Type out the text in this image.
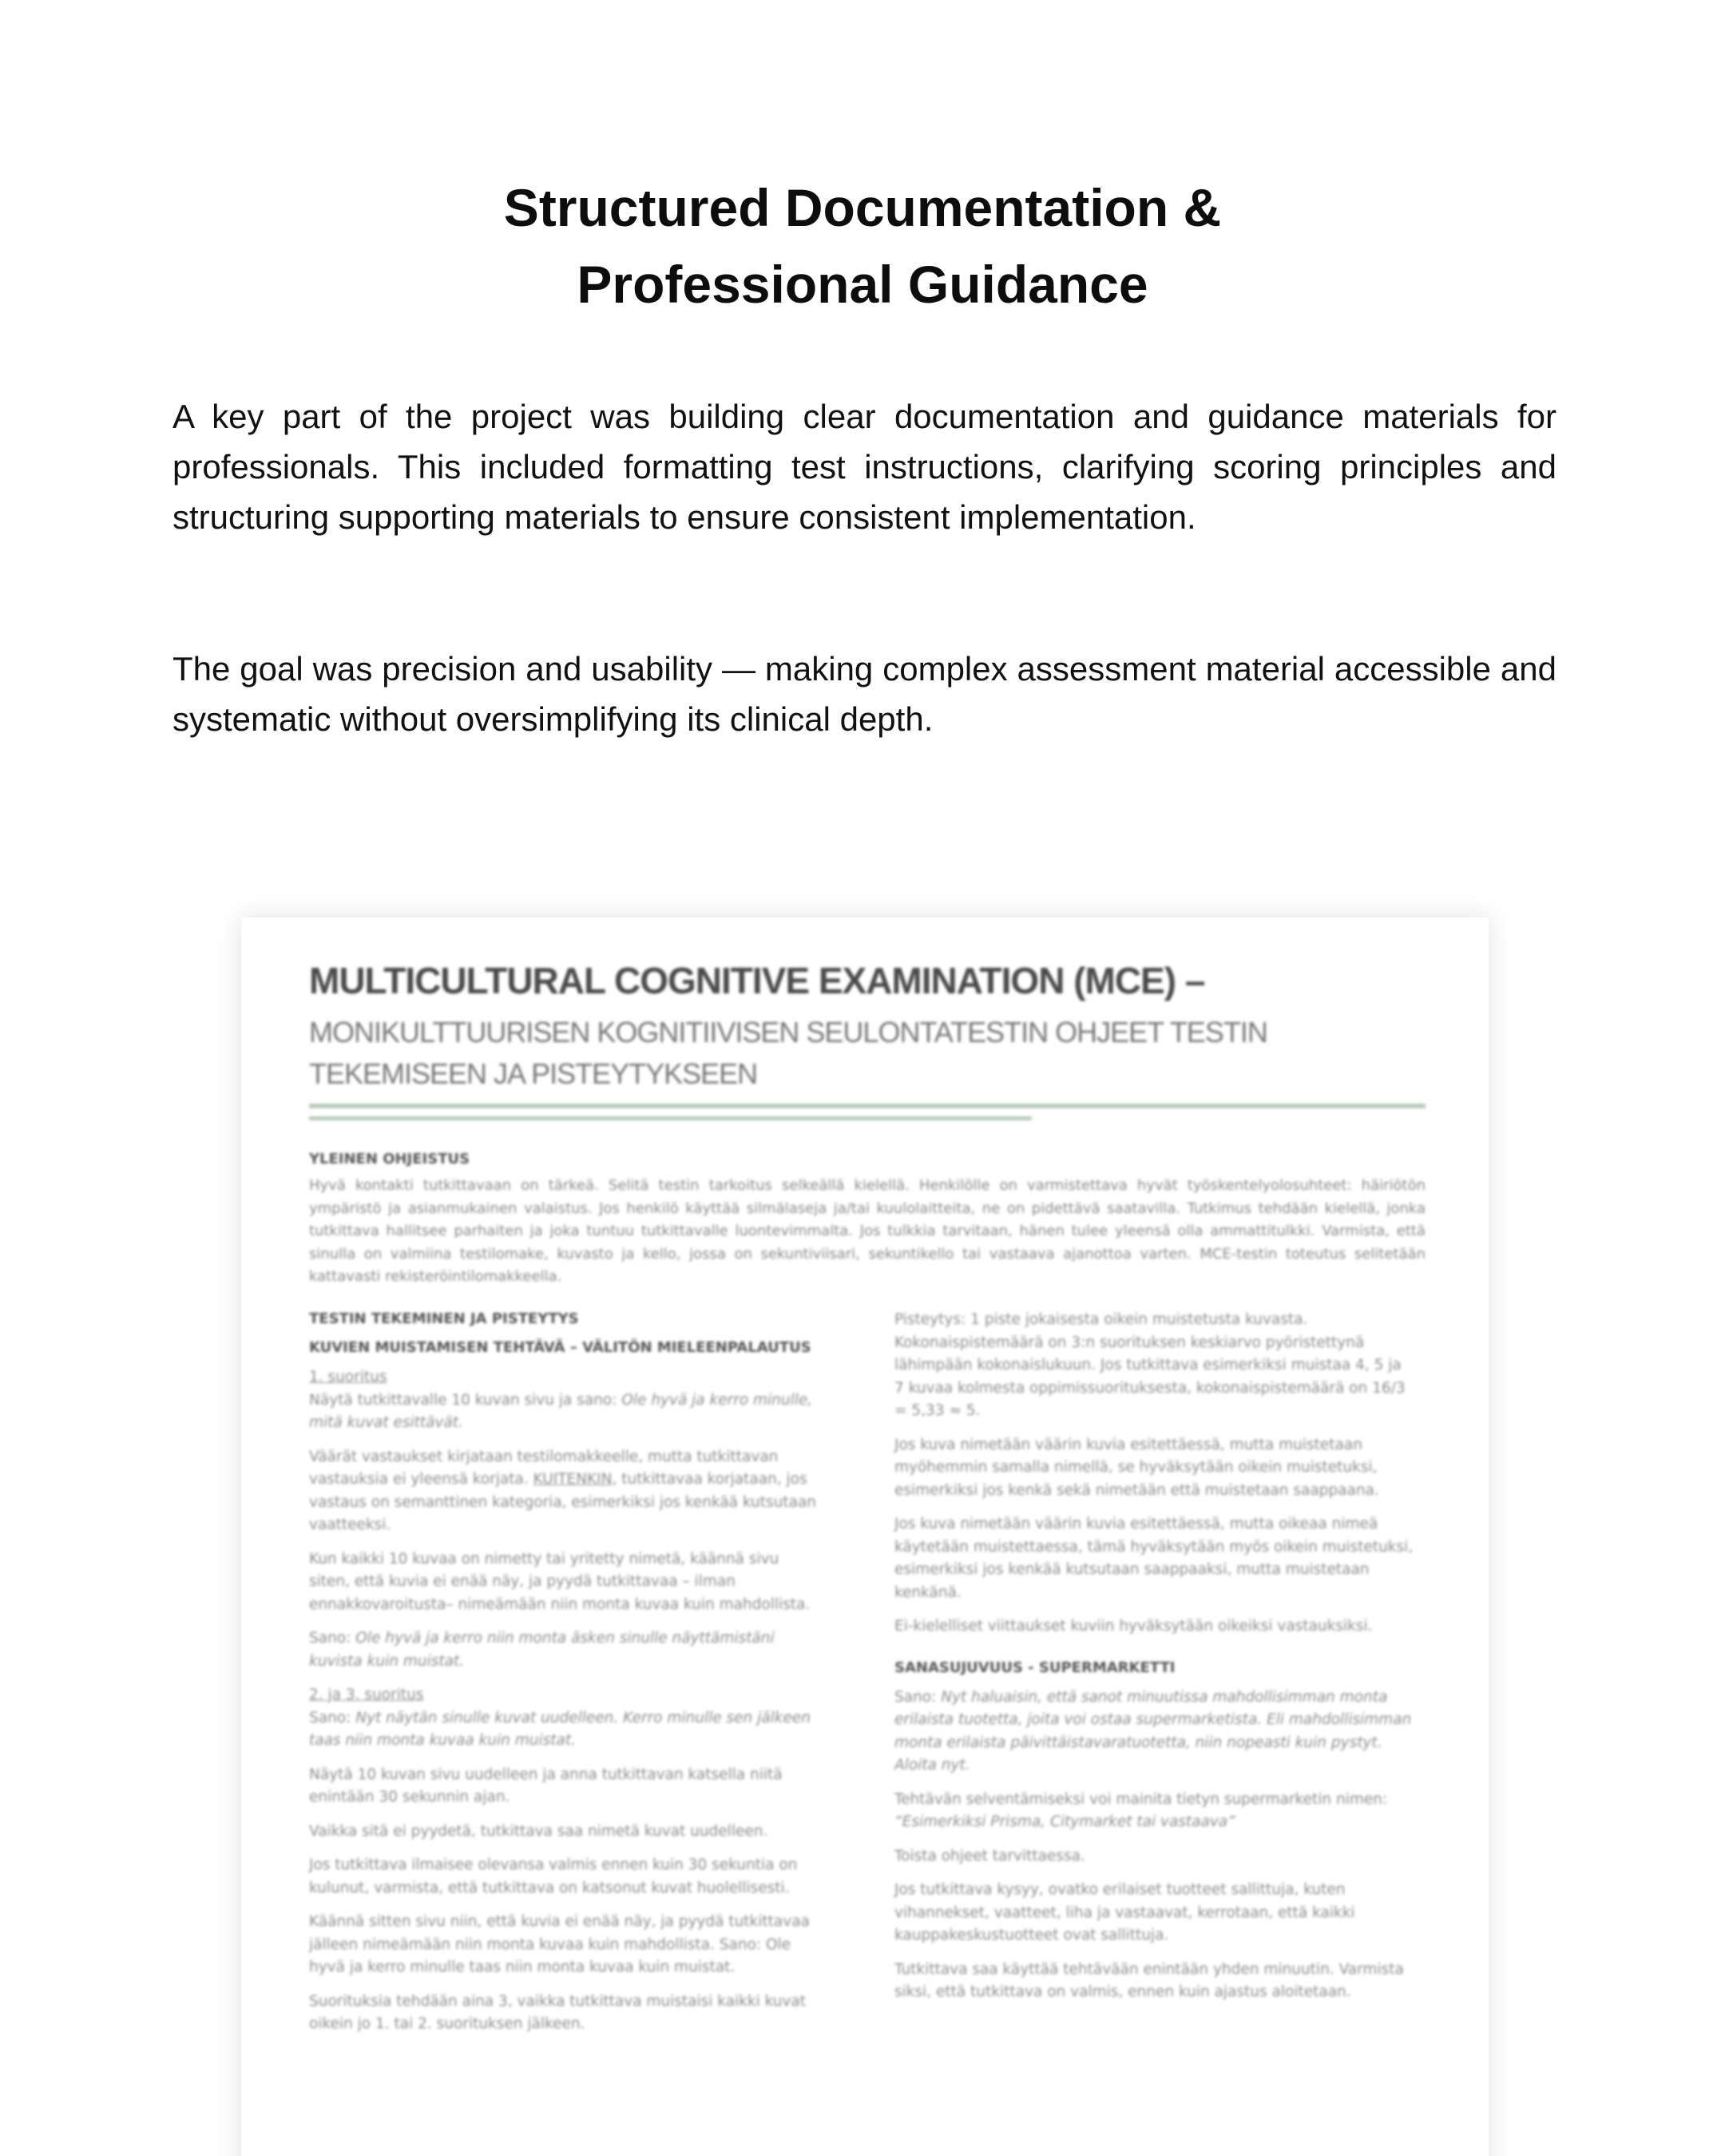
Structured Documentation &
Professional Guidance

A key part of the project was building clear documentation and guidance materials for professionals. This included formatting test instructions, clarifying scoring principles and structuring supporting materials to ensure consistent implementation.

The goal was precision and usability — making complex assessment material accessible and systematic without oversimplifying its clinical depth.

MULTICULTURAL COGNITIVE EXAMINATION (MCE) –
MONIKULTTUURISEN KOGNITIIVISEN SEULONTATESTIN OHJEET TESTIN TEKEMISEEN JA PISTEYTYKSEEN
YLEINEN OHJEISTUS
Hyvä kontakti tutkittavaan on tärkeä. Selitä testin tarkoitus selkeällä kielellä. Henkilölle on varmistettava hyvät työskentelyolosuhteet: häiriötön ympäristö ja asianmukainen valaistus. Jos henkilö käyttää silmälaseja ja/tai kuulolaitteita, ne on pidettävä saatavilla. Tutkimus tehdään kielellä, jonka tutkittava hallitsee parhaiten ja joka tuntuu tutkittavalle luontevimmalta. Jos tulkkia tarvitaan, hänen tulee yleensä olla ammattitulkki. Varmista, että sinulla on valmiina testilomake, kuvasto ja kello, jossa on sekuntiviisari, sekuntikello tai vastaava ajanottoa varten. MCE-testin toteutus selitetään kattavasti rekisteröintilomakkeella.
TESTIN TEKEMINEN JA PISTEYTYS
KUVIEN MUISTAMISEN TEHTÄVÄ – VÄLITÖN MIELEENPALAUTUS
1. suoritus

Näytä tutkittavalle 10 kuvan sivu ja sano: Ole hyvä ja kerro minulle, mitä kuvat esittävät.

Väärät vastaukset kirjataan testilomakkeelle, mutta tutkittavan vastauksia ei yleensä korjata. KUITENKIN, tutkittavaa korjataan, jos vastaus on semanttinen kategoria, esimerkiksi jos kenkää kutsutaan vaatteeksi.

Kun kaikki 10 kuvaa on nimetty tai yritetty nimetä, käännä sivu siten, että kuvia ei enää näy, ja pyydä tutkittavaa – ilman ennakkovaroitusta– nimeämään niin monta kuvaa kuin mahdollista.

Sano: Ole hyvä ja kerro niin monta äsken sinulle näyttämistäni kuvista kuin muistat.

2. ja 3. suoritus

Sano: Nyt näytän sinulle kuvat uudelleen. Kerro minulle sen jälkeen taas niin monta kuvaa kuin muistat.

Näytä 10 kuvan sivu uudelleen ja anna tutkittavan katsella niitä enintään 30 sekunnin ajan.

Vaikka sitä ei pyydetä, tutkittava saa nimetä kuvat uudelleen.

Jos tutkittava ilmaisee olevansa valmis ennen kuin 30 sekuntia on kulunut, varmista, että tutkittava on katsonut kuvat huolellisesti.

Käännä sitten sivu niin, että kuvia ei enää näy, ja pyydä tutkittavaa jälleen nimeämään niin monta kuvaa kuin mahdollista. Sano: Ole hyvä ja kerro minulle taas niin monta kuvaa kuin muistat.

Suorituksia tehdään aina 3, vaikka tutkittava muistaisi kaikki kuvat oikein jo 1. tai 2. suorituksen jälkeen.

Pisteytys: 1 piste jokaisesta oikein muistetusta kuvasta. Kokonaispistemäärä on 3:n suorituksen keskiarvo pyöristettynä lähimpään kokonaislukuun. Jos tutkittava esimerkiksi muistaa 4, 5 ja 7 kuvaa kolmesta oppimissuorituksesta, kokonaispistemäärä on 16/3 = 5,33 ≈ 5.

Jos kuva nimetään väärin kuvia esitettäessä, mutta muistetaan myöhemmin samalla nimellä, se hyväksytään oikein muistetuksi, esimerkiksi jos kenkä sekä nimetään että muistetaan saappaana.

Jos kuva nimetään väärin kuvia esitettäessä, mutta oikeaa nimeä käytetään muistettaessa, tämä hyväksytään myös oikein muistetuksi, esimerkiksi jos kenkää kutsutaan saappaaksi, mutta muistetaan kenkänä.

Ei-kielelliset viittaukset kuviin hyväksytään oikeiksi vastauksiksi.

SANASUJUVUUS - SUPERMARKETTI

Sano: Nyt haluaisin, että sanot minuutissa mahdollisimman monta erilaista tuotetta, joita voi ostaa supermarketista. Eli mahdollisimman monta erilaista päivittäistavaratuotetta, niin nopeasti kuin pystyt. Aloita nyt.

Tehtävän selventämiseksi voi mainita tietyn supermarketin nimen:
“Esimerkiksi Prisma, Citymarket tai vastaava”

Toista ohjeet tarvittaessa.

Jos tutkittava kysyy, ovatko erilaiset tuotteet sallittuja, kuten vihannekset, vaatteet, liha ja vastaavat, kerrotaan, että kaikki kauppakeskustuotteet ovat sallittuja.

Tutkittava saa käyttää tehtävään enintään yhden minuutin. Varmista siksi, että tutkittava on valmis, ennen kuin ajastus aloitetaan.
